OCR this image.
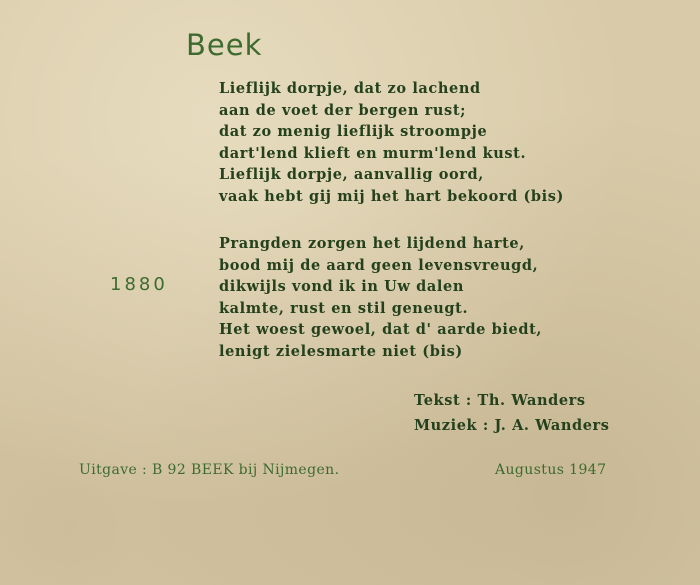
Beek
Lieflijk dorpje, dat zo lachend
aan de voet der bergen rust;
dat zo menig lieflijk stroompje
dart'lend klieft en murm'lend kust.
Lieflijk dorpje, aanvallig oord,
vaak hebt gij mij het hart bekoord (bis)
1880
Prangden zorgen het lijdend harte,
bood mij de aard geen levensvreugd,
dikwijls vond ik in Uw dalen
kalmte, rust en stil geneugt.
Het woest gewoel, dat d' aarde biedt,
lenigt zielesmarte niet (bis)
Tekst : Th. Wanders
Muziek : J. A. Wanders
Uitgave : B 92 BEEK bij Nijmegen.	Augustus 1947
